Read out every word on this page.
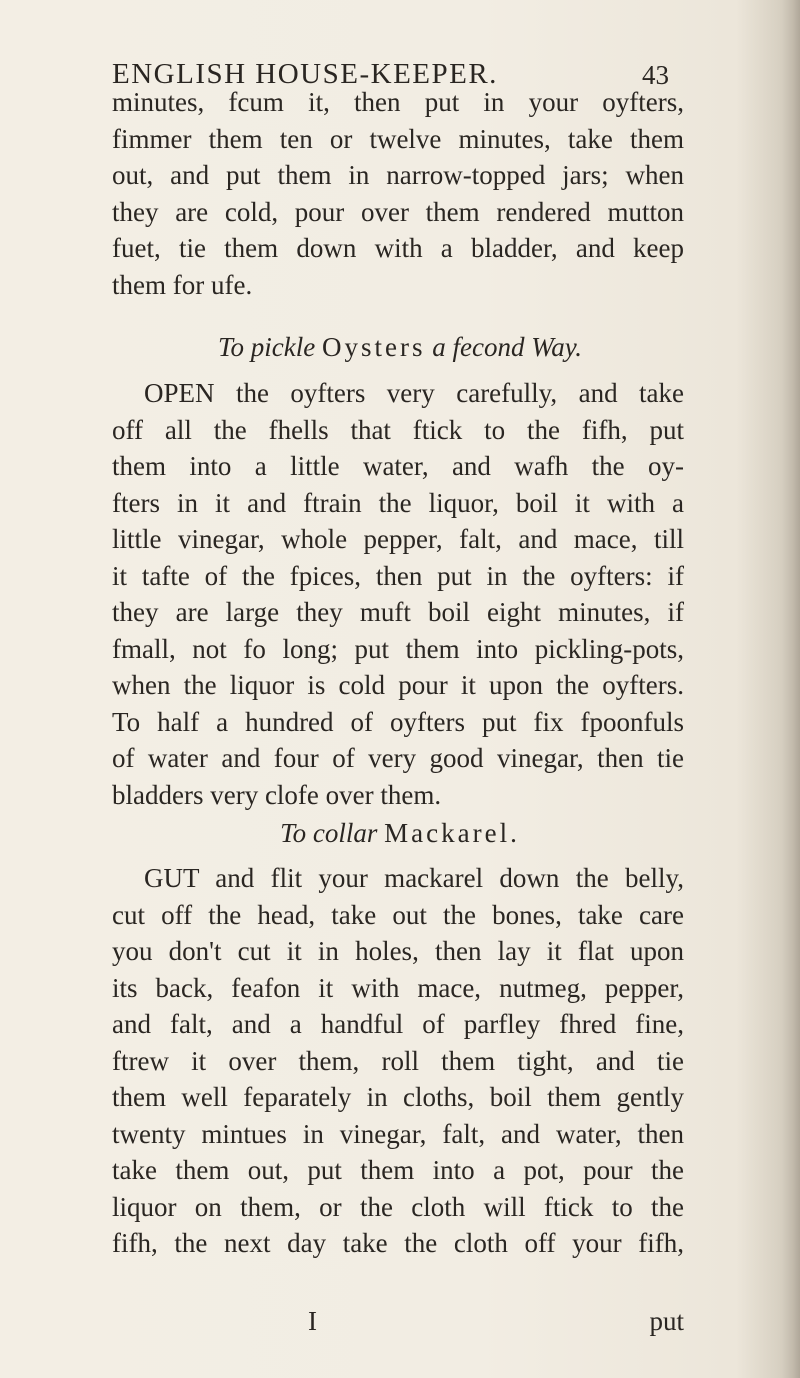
ENGLISH HOUSE-KEEPER.	43
minutes, fcum it, then put in your oyfters,
fimmer them ten or twelve minutes, take them
out, and put them in narrow-topped jars; when
they are cold, pour over them rendered mutton
fuet, tie them down with a bladder, and keep
them for ufe.
To pickle Oysters a fecond Way.
OPEN the oyfters very carefully, and take
off all the fhells that ftick to the fifh, put
them into a little water, and wafh the oy-
fters in it and ftrain the liquor, boil it with a
little vinegar, whole pepper, falt, and mace, till
it tafte of the fpices, then put in the oyfters: if
they are large they muft boil eight minutes, if
fmall, not fo long; put them into pickling-pots,
when the liquor is cold pour it upon the oyfters.
To half a hundred of oyfters put fix fpoonfuls
of water and four of very good vinegar, then tie
bladders very clofe over them.
To collar Mackarel.
GUT and flit your mackarel down the belly,
cut off the head, take out the bones, take care
you don't cut it in holes, then lay it flat upon
its back, feafon it with mace, nutmeg, pepper,
and falt, and a handful of parfley fhred fine,
ftrew it over them, roll them tight, and tie
them well feparately in cloths, boil them gently
twenty mintues in vinegar, falt, and water, then
take them out, put them into a pot, pour the
liquor on them, or the cloth will ftick to the
fifh, the next day take the cloth off your fifh,
I	put
